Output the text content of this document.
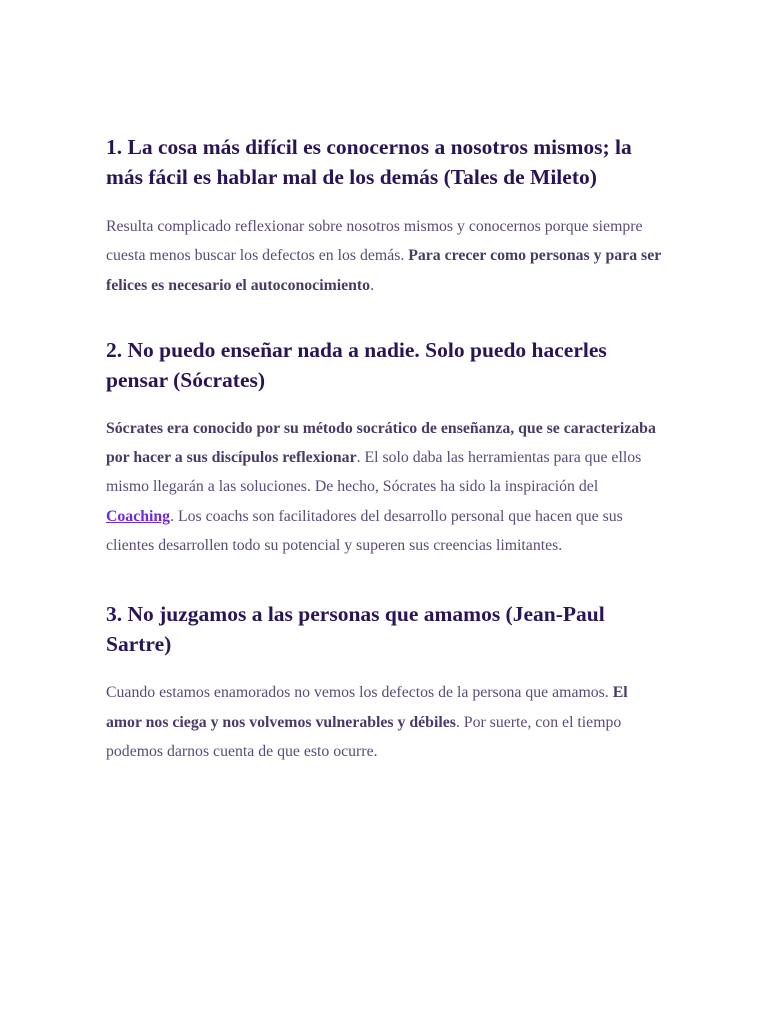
1. La cosa más difícil es conocernos a nosotros mismos; la más fácil es hablar mal de los demás (Tales de Mileto)

Resulta complicado reflexionar sobre nosotros mismos y conocernos porque siempre cuesta menos buscar los defectos en los demás. Para crecer como personas y para ser felices es necesario el autoconocimiento.

2. No puedo enseñar nada a nadie. Solo puedo hacerles pensar (Sócrates)

Sócrates era conocido por su método socrático de enseñanza, que se caracterizaba por hacer a sus discípulos reflexionar. El solo daba las herramientas para que ellos mismo llegarán a las soluciones. De hecho, Sócrates ha sido la inspiración del Coaching. Los coachs son facilitadores del desarrollo personal que hacen que sus clientes desarrollen todo su potencial y superen sus creencias limitantes.

3. No juzgamos a las personas que amamos (Jean-Paul Sartre)

Cuando estamos enamorados no vemos los defectos de la persona que amamos. El amor nos ciega y nos volvemos vulnerables y débiles. Por suerte, con el tiempo podemos darnos cuenta de que esto ocurre.
